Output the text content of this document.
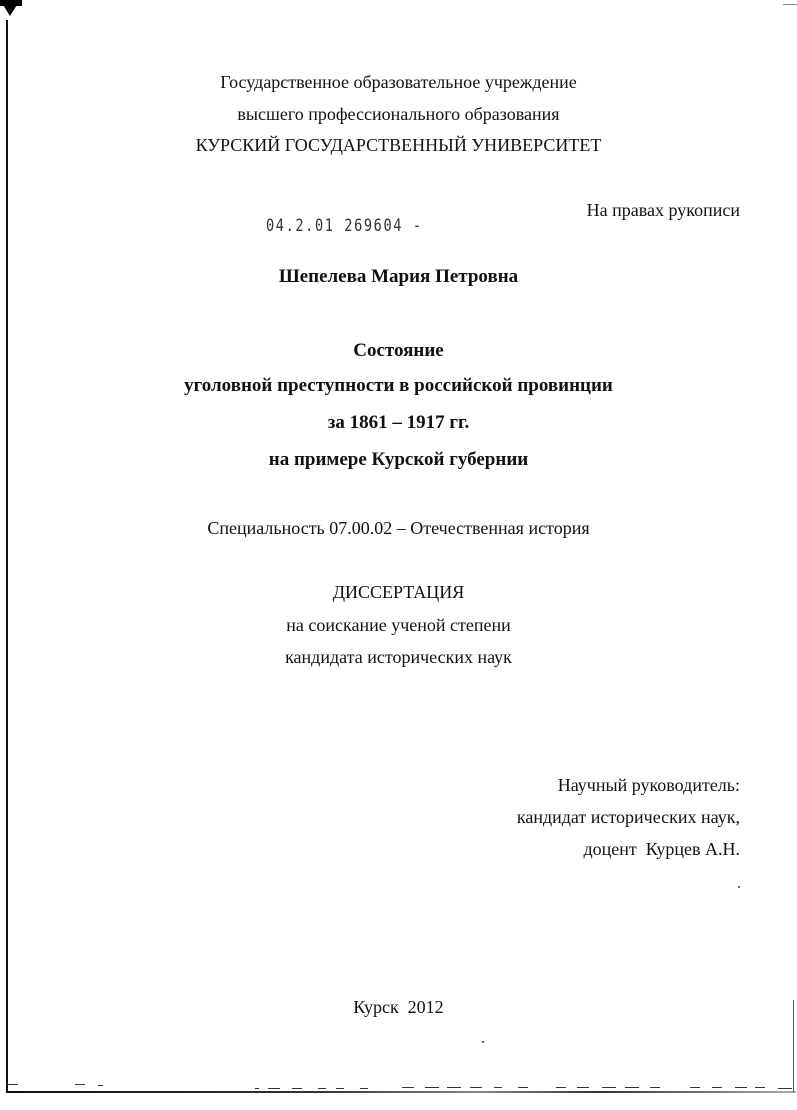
Государственное образовательное учреждение
высшего профессионального образования
КУРСКИЙ ГОСУДАРСТВЕННЫЙ УНИВЕРСИТЕТ
На правах рукописи
04.2.01 269604 -
Шепелева Мария Петровна
Состояние
уголовной преступности в российской провинции
за 1861 – 1917 гг.
на примере Курской губернии
Специальность 07.00.02 – Отечественная история
ДИССЕРТАЦИЯ
на соискание ученой степени
кандидата исторических наук
Научный руководитель:
кандидат исторических наук,
доцент  Курцев А.Н.
Курск  2012
